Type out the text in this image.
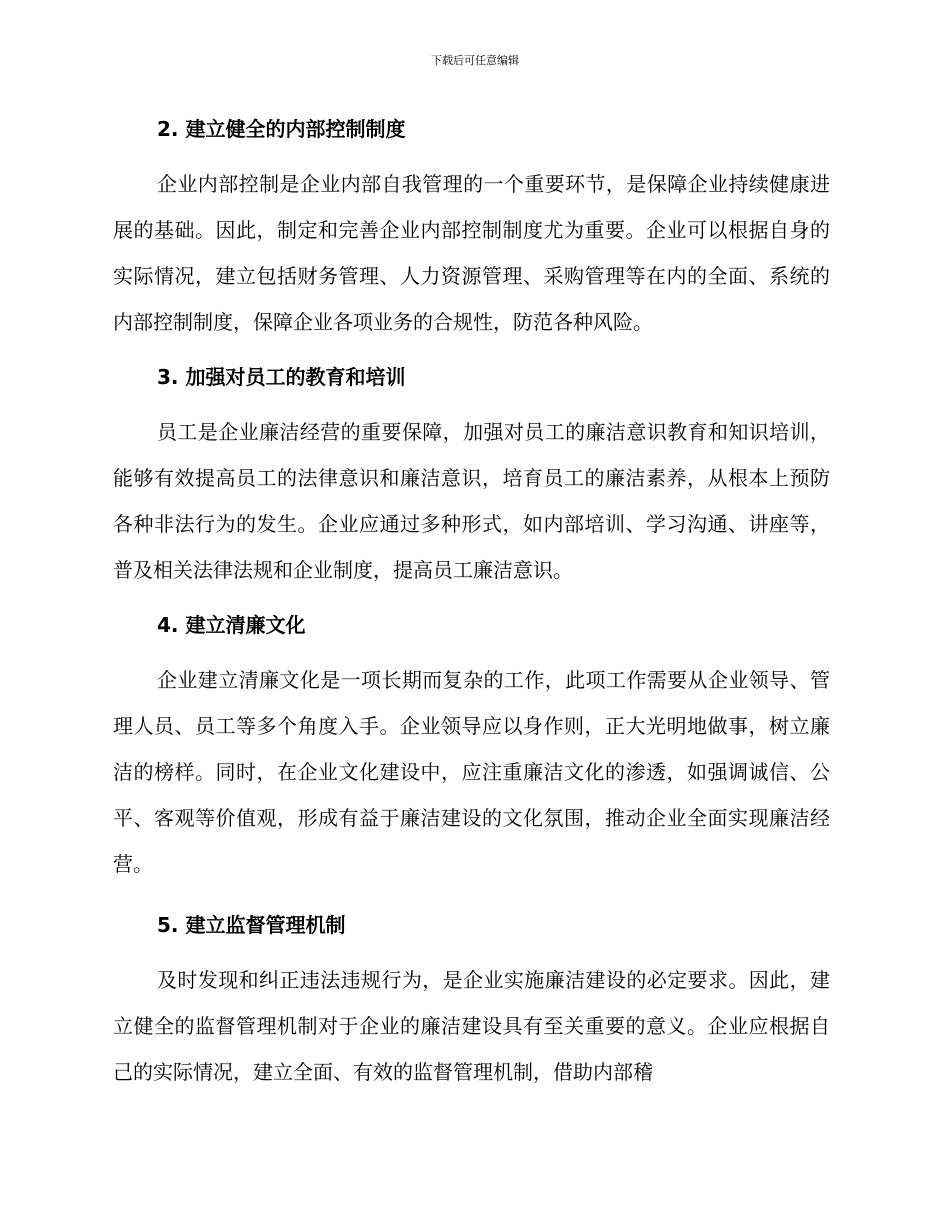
下载后可任意编辑
2. 建立健全的内部控制制度

企业内部控制是企业内部自我管理的一个重要环节，是保障企业持续健康进展的基础。因此，制定和完善企业内部控制制度尤为重要。企业可以根据自身的实际情况，建立包括财务管理、人力资源管理、采购管理等在内的全面、系统的内部控制制度，保障企业各项业务的合规性，防范各种风险。

3. 加强对员工的教育和培训

员工是企业廉洁经营的重要保障，加强对员工的廉洁意识教育和知识培训，能够有效提高员工的法律意识和廉洁意识，培育员工的廉洁素养，从根本上预防各种非法行为的发生。企业应通过多种形式，如内部培训、学习沟通、讲座等，普及相关法律法规和企业制度，提高员工廉洁意识。

4. 建立清廉文化

企业建立清廉文化是一项长期而复杂的工作，此项工作需要从企业领导、管理人员、员工等多个角度入手。企业领导应以身作则，正大光明地做事，树立廉洁的榜样。同时，在企业文化建设中，应注重廉洁文化的渗透，如强调诚信、公平、客观等价值观，形成有益于廉洁建设的文化氛围，推动企业全面实现廉洁经营。

5. 建立监督管理机制

及时发现和纠正违法违规行为，是企业实施廉洁建设的必定要求。因此，建立健全的监督管理机制对于企业的廉洁建设具有至关重要的意义。企业应根据自己的实际情况，建立全面、有效的监督管理机制，借助内部稽
